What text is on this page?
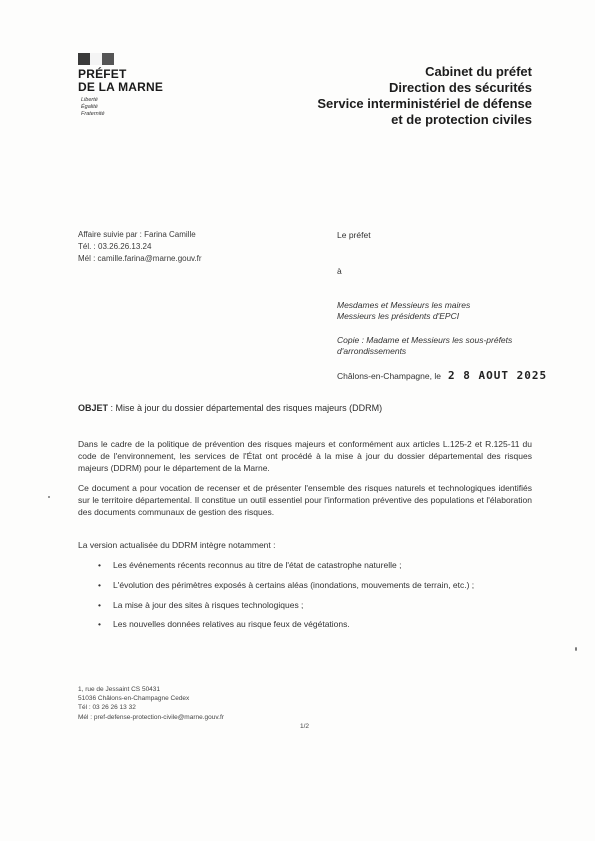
PRÉFET
DE LA MARNE
Liberté
Égalité
Fraternité
Cabinet du préfet
Direction des sécurités
Service interministériel de défense
et de protection civiles
Affaire suivie par : Farina Camille
Tél. : 03.26.26.13.24
Mél : camille.farina@marne.gouv.fr
Le préfet
à
Mesdames et Messieurs les maires
Messieurs les présidents d'EPCI
Copie : Madame et Messieurs les sous-préfets
d'arrondissements
Châlons-en-Champagne, le 2 8 AOUT 2025
OBJET : Mise à jour du dossier départemental des risques majeurs (DDRM)
Dans le cadre de la politique de prévention des risques majeurs et conformément aux articles L.125-2 et R.125-11 du code de l'environnement, les services de l'État ont procédé à la mise à jour du dossier départemental des risques majeurs (DDRM) pour le département de la Marne.
Ce document a pour vocation de recenser et de présenter l'ensemble des risques naturels et technologiques identifiés sur le territoire départemental. Il constitue un outil essentiel pour l'information préventive des populations et l'élaboration des documents communaux de gestion des risques.
La version actualisée du DDRM intègre notamment :
• Les événements récents reconnus au titre de l'état de catastrophe naturelle ;
• L'évolution des périmètres exposés à certains aléas (inondations, mouvements de terrain, etc.) ;
• La mise à jour des sites à risques technologiques ;
• Les nouvelles données relatives au risque feux de végétations.
1, rue de Jessaint CS 50431
51036 Châlons-en-Champagne Cedex
Tél : 03 26 26 13 32
Mél : pref-defense-protection-civile@marne.gouv.fr
1/2
